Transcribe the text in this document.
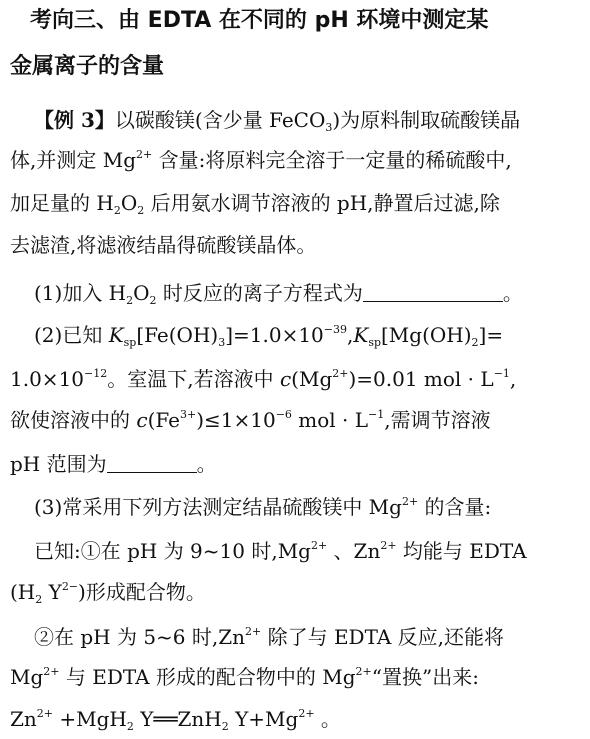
考向三、由 EDTA 在不同的 pH 环境中测定某
金属离子的含量
【例 3】以碳酸镁(含少量 FeCO$_3$)为原料制取硫酸镁晶
体,并测定 $Mg^{2+}$ 含量:将原料完全溶于一定量的稀硫酸中,
加足量的 $H_2O_2$ 后用氨水调节溶液的 pH,静置后过滤,除
去滤渣,将滤液结晶得硫酸镁晶体。
(1)加入 $H_2O_2$ 时反应的离子方程式为	。
(2)已知 $K_{sp}[Fe(OH)_3]=1.0\times 10^{-39},K_{sp}[Mg(OH)_2]=$
$1.0\times 10^{-12}$。室温下,若溶液中 $c(Mg^{2+})=0.01$ mol · $L^{-1}$,
欲使溶液中的 $c(Fe^{3+})\le 1\times 10^{-6}$ mol · $L^{-1}$,需调节溶液
pH 范围为	。
(3)常采用下列方法测定结晶硫酸镁中 $Mg^{2+}$ 的含量:
已知:①在 pH 为 9~10 时$,Mg^{2+}$ 、$Zn^{2+}$ 均能与 EDTA
($H_2$ $Y^{2-}$)形成配合物。
②在 pH 为 5~6 时$,Zn^{2+}$ 除了与 EDTA 反应,还能将
$Mg^{2+}$ 与 EDTA 形成的配合物中的 $Mg^{2+}“$置换”出来:
$Zn^{2+} +MgH_2$ Y══ZnH$_2$ $Y+Mg^{2+}$ 。
